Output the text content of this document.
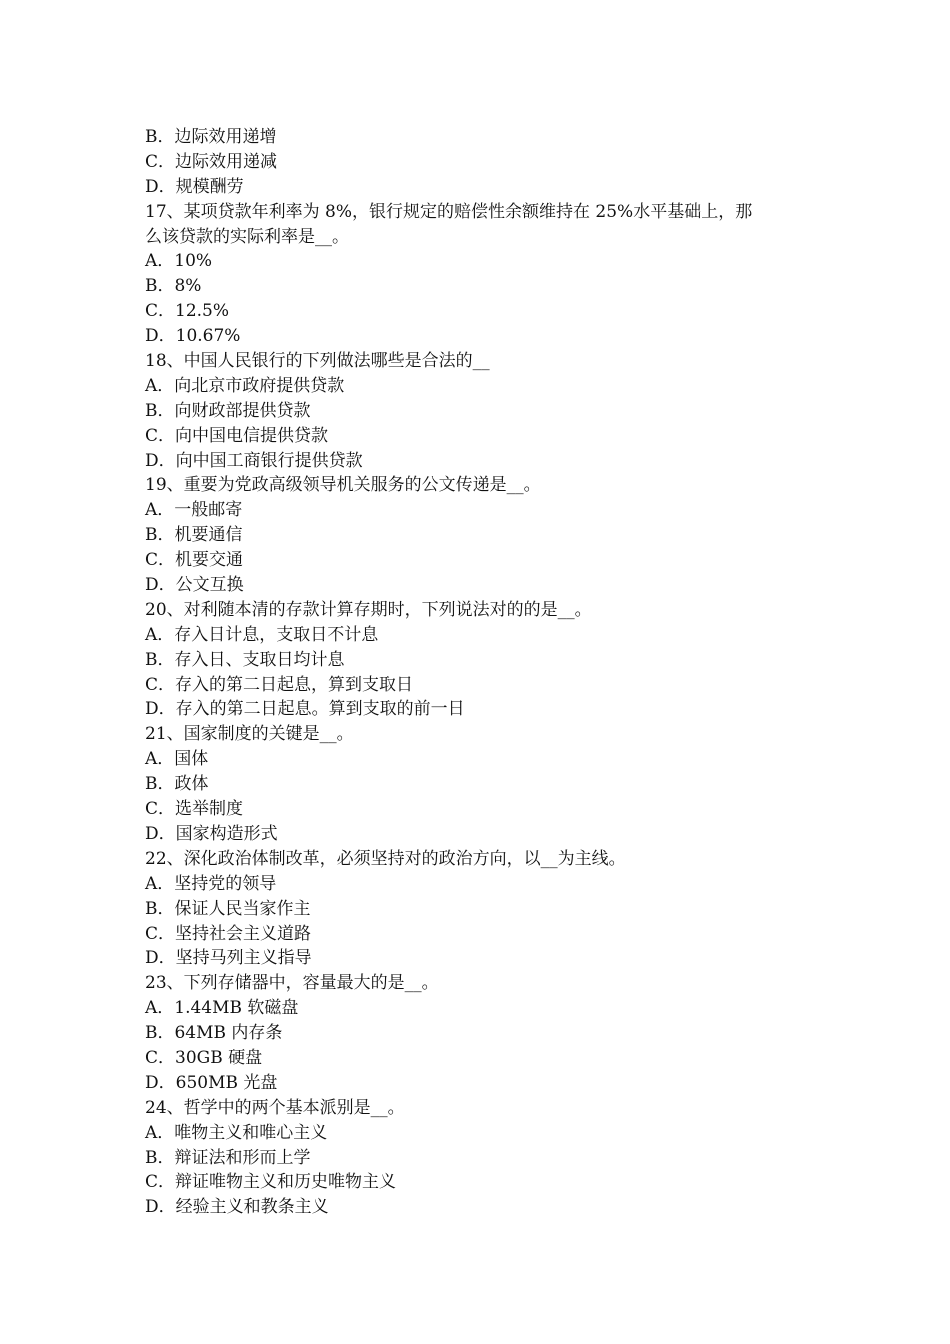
B．边际效用递增
C．边际效用递减
D．规模酬劳
17、某项贷款年利率为 8%，银行规定的赔偿性余额维持在 25%水平基础上，那
么该贷款的实际利率是__。
A．10%
B．8%
C．12.5%
D．10.67%
18、中国人民银行的下列做法哪些是合法的__
A．向北京市政府提供贷款
B．向财政部提供贷款
C．向中国电信提供贷款
D．向中国工商银行提供贷款
19、重要为党政高级领导机关服务的公文传递是__。
A．一般邮寄
B．机要通信
C．机要交通
D．公文互换
20、对利随本清的存款计算存期时，下列说法对的的是__。
A．存入日计息，支取日不计息
B．存入日、支取日均计息
C．存入的第二日起息，算到支取日
D．存入的第二日起息。算到支取的前一日
21、国家制度的关键是__。
A．国体
B．政体
C．选举制度
D．国家构造形式
22、深化政治体制改革，必须坚持对的政治方向，以__为主线。
A．坚持党的领导
B．保证人民当家作主
C．坚持社会主义道路
D．坚持马列主义指导
23、下列存储器中，容量最大的是__。
A．1.44MB 软磁盘
B．64MB 内存条
C．30GB 硬盘
D．650MB 光盘
24、哲学中的两个基本派别是__。
A．唯物主义和唯心主义
B．辩证法和形而上学
C．辩证唯物主义和历史唯物主义
D．经验主义和教条主义
